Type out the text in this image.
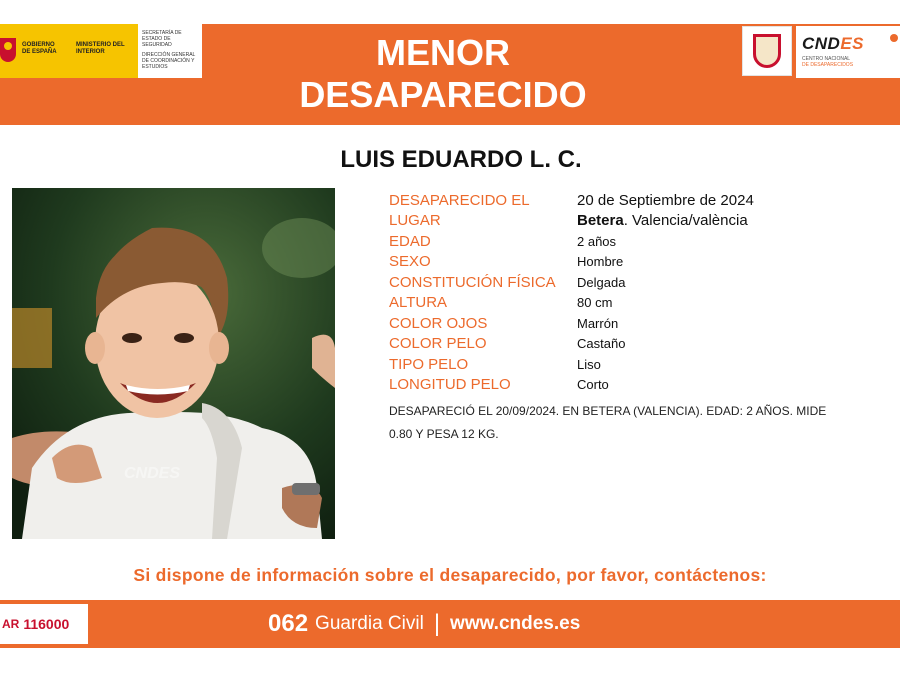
GOBIERNO DE ESPAÑA
MINISTERIO DEL INTERIOR
SECRETARÍA DE ESTADO DE SEGURIDAD
DIRECCIÓN GENERAL DE COORDINACIÓN Y ESTUDIOS	MENOR
DESAPARECIDO
CNDES
CENTRO NACIONAL
DE DESAPARECIDOS
LUIS EDUARDO L. C.
CNDES
DESAPARECIDO EL	20 de Septiembre de 2024
LUGAR	Betera. Valencia/valència
EDAD	2 años
SEXO	Hombre
CONSTITUCIÓN FÍSICA	Delgada
ALTURA	80 cm
COLOR OJOS	Marrón
COLOR PELO	Castaño
TIPO PELO	Liso
LONGITUD PELO	Corto
DESAPARECIÓ EL 20/09/2024. EN BETERA (VALENCIA). EDAD: 2 AÑOS. MIDE
0.80 Y PESA 12 KG.
Si dispone de información sobre el desaparecido, por favor, contáctenos:
AR 116000	062 Guardia Civil | www.cndes.es
